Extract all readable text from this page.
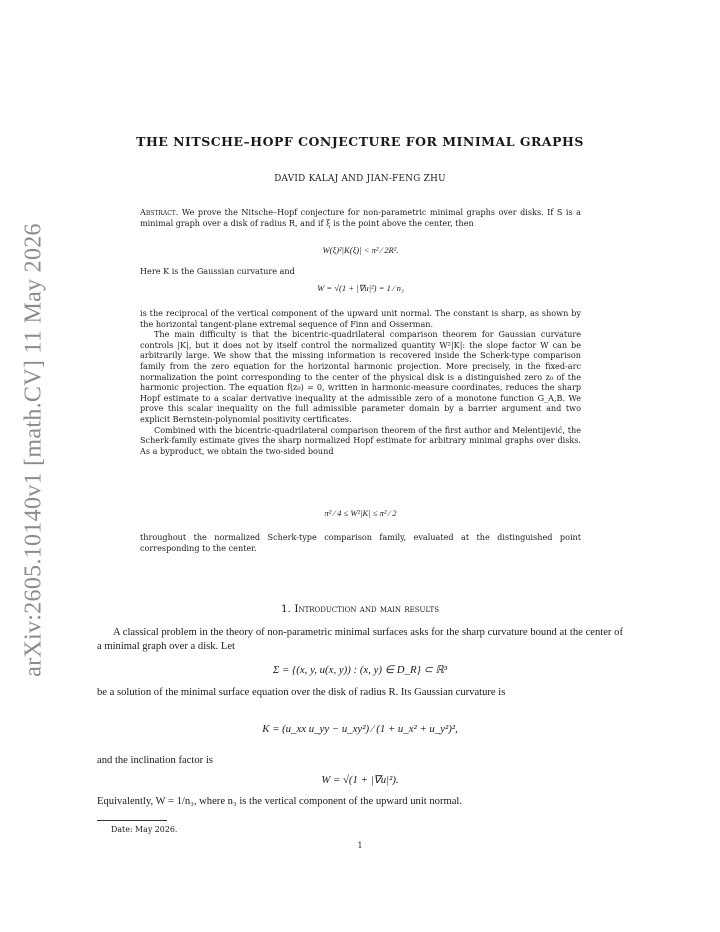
arXiv:2605.10140v1 [math.CV] 11 May 2026
THE NITSCHE–HOPF CONJECTURE FOR MINIMAL GRAPHS
DAVID KALAJ AND JIAN-FENG ZHU

Abstract. We prove the Nitsche–Hopf conjecture for non-parametric minimal graphs over disks. If S is a minimal graph over a disk of radius R, and if ξ is the point above the center, then

W(ξ)²|K(ξ)| < π² ⁄ 2R².
Here K is the Gaussian curvature and
W = √(1 + |∇u|²) = 1 ⁄ n₃

is the reciprocal of the vertical component of the upward unit normal. The constant is sharp, as shown by the horizontal tangent-plane extremal sequence of Finn and Osserman.

The main difficulty is that the bicentric-quadrilateral comparison theorem for Gaussian curvature controls |K|, but it does not by itself control the normalized quantity W²|K|: the slope factor W can be arbitrarily large. We show that the missing information is recovered inside the Scherk-type comparison family from the zero equation for the horizontal harmonic projection. More precisely, in the fixed-arc normalization the point corresponding to the center of the physical disk is a distinguished zero z₀ of the harmonic projection. The equation f(z₀) = 0, written in harmonic-measure coordinates, reduces the sharp Hopf estimate to a scalar derivative inequality at the admissible zero of a monotone function G_A,B. We prove this scalar inequality on the full admissible parameter domain by a barrier argument and two explicit Bernstein-polynomial positivity certificates.

Combined with the bicentric-quadrilateral comparison theorem of the first author and Melentijević, the Scherk-family estimate gives the sharp normalized Hopf estimate for arbitrary minimal graphs over disks. As a byproduct, we obtain the two-sided bound

π² ⁄ 4 ≤ W²|K| ≤ π² ⁄ 2
throughout the normalized Scherk-type comparison family, evaluated at the distinguished point corresponding to the center.
1. Introduction and main results

A classical problem in the theory of non-parametric minimal surfaces asks for the sharp curvature bound at the center of a minimal graph over a disk. Let

Σ = {(x, y, u(x, y)) : (x, y) ∈ D_R} ⊂ ℝ³
be a solution of the minimal surface equation over the disk of radius R. Its Gaussian curvature is
K = (u_xx u_yy − u_xy²) ⁄ (1 + u_x² + u_y²)²,
and the inclination factor is
W = √(1 + |∇u|²).
Equivalently, W = 1/n₃, where n₃ is the vertical component of the upward unit normal.
Date: May 2026.
1
